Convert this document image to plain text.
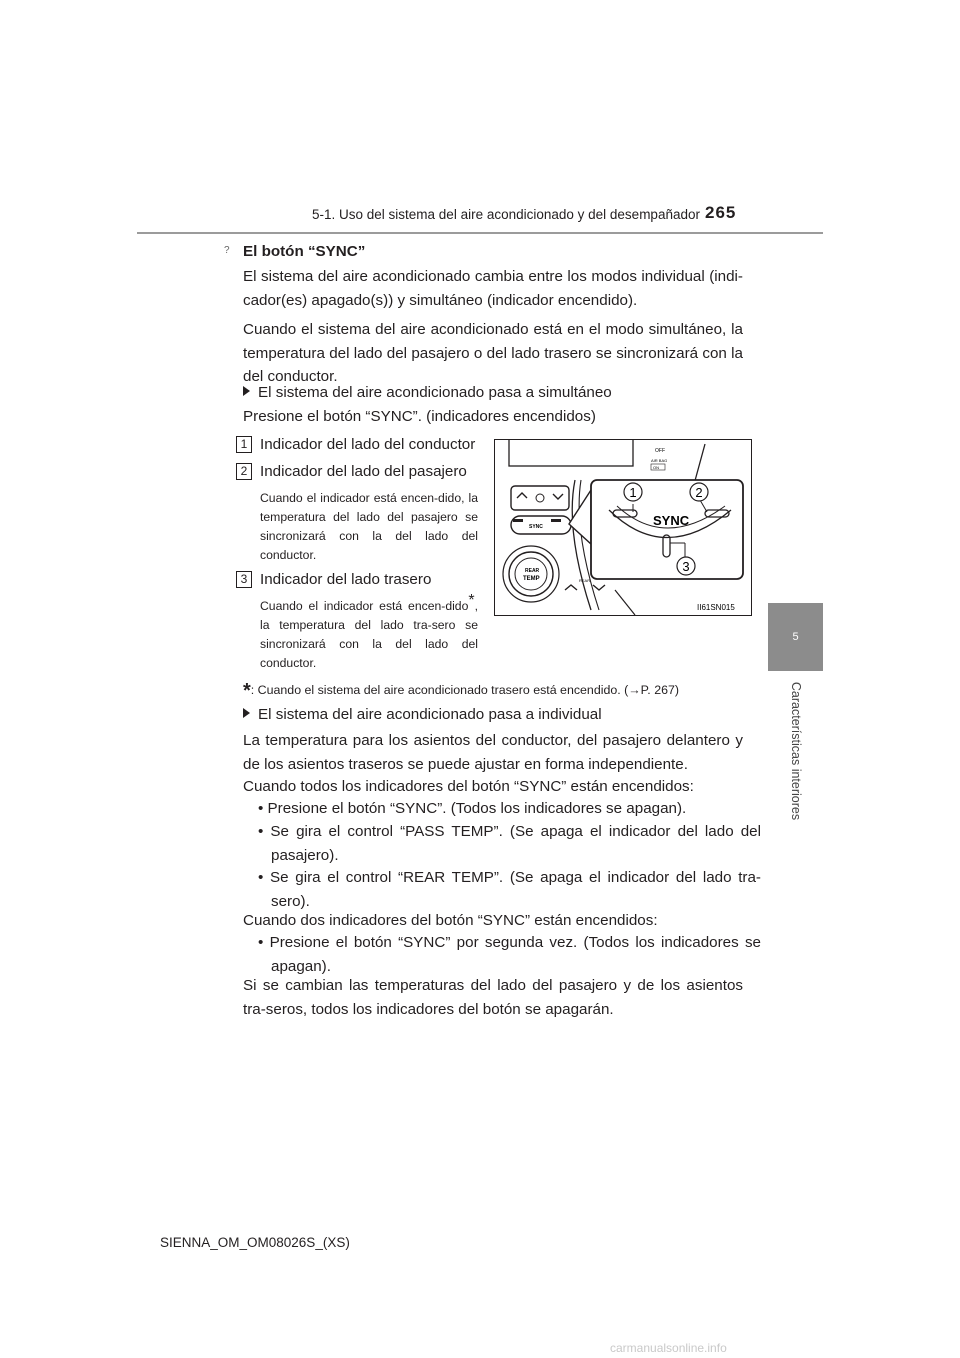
5-1. Uso del sistema del aire acondicionado y del desempañador 265
5
Características interiores
? El botón “SYNC”
El sistema del aire acondicionado cambia entre los modos individual (indi-cador(es) apagado(s)) y simultáneo (indicador encendido).
Cuando el sistema del aire acondicionado está en el modo simultáneo, la temperatura del lado del pasajero o del lado trasero se sincronizará con la del conductor.
El sistema del aire acondicionado pasa a simultáneo
Presione el botón “SYNC”. (indicadores encendidos)
1 Indicador del lado del conductor
2 Indicador del lado del pasajero
Cuando el indicador está encen-dido, la temperatura del lado del pasajero se sincronizará con la del lado del conductor.
3 Indicador del lado trasero
Cuando el indicador está encen-dido*, la temperatura del lado tra-sero se sincronizará con la del lado del conductor.
OFF
AIR BAG
ON
SYNC
REAR
TEMP	REAR
SYNC
1	2
3
II61SN015
*: Cuando el sistema del aire acondicionado trasero está encendido. (→P. 267)
El sistema del aire acondicionado pasa a individual
La temperatura para los asientos del conductor, del pasajero delantero y de los asientos traseros se puede ajustar en forma independiente.
Cuando todos los indicadores del botón “SYNC” están encendidos:
• Presione el botón “SYNC”. (Todos los indicadores se apagan).
• Se gira el control “PASS TEMP”. (Se apaga el indicador del lado del pasajero).
• Se gira el control “REAR TEMP”. (Se apaga el indicador del lado tra-sero).
Cuando dos indicadores del botón “SYNC” están encendidos:
• Presione el botón “SYNC” por segunda vez. (Todos los indicadores se apagan).
Si se cambian las temperaturas del lado del pasajero y de los asientos tra-seros, todos los indicadores del botón se apagarán.
SIENNA_OM_OM08026S_(XS)
carmanualsonline.info
